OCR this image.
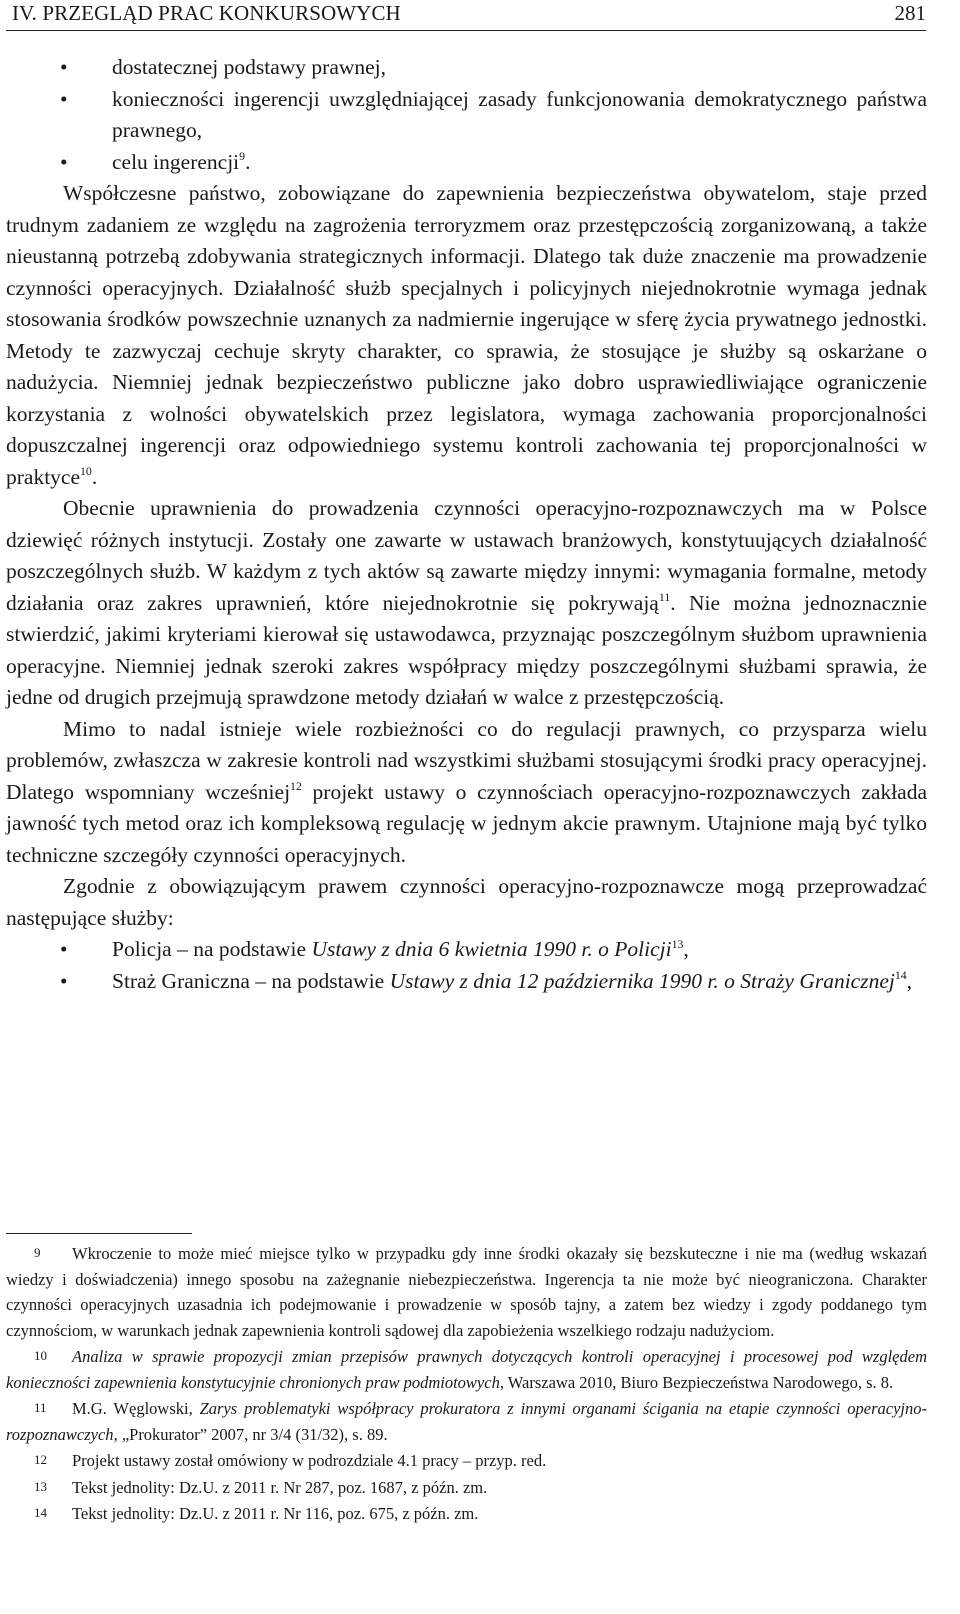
IV. PRZEGLĄD PRAC KONKURSOWYCH	281
• dostatecznej podstawy prawnej,
• konieczności ingerencji uwzględniającej zasady funkcjonowania demokratycznego państwa prawnego,
• celu ingerencji$^9$.

Współczesne państwo, zobowiązane do zapewnienia bezpieczeństwa obywatelom, staje przed trudnym zadaniem ze względu na zagrożenia terroryzmem oraz przestępczością zorganizowaną, a także nieustanną potrzebą zdobywania strategicznych informacji. Dlatego tak duże znaczenie ma prowadzenie czynności operacyjnych. Działalność służb specjalnych i policyjnych niejednokrotnie wymaga jednak stosowania środków powszechnie uznanych za nadmiernie ingerujące w sferę życia prywatnego jednostki. Metody te zazwyczaj cechuje skryty charakter, co sprawia, że stosujące je służby są oskarżane o nadużycia. Niemniej jednak bezpieczeństwo publiczne jako dobro usprawiedliwiające ograniczenie korzystania z wolności obywatelskich przez legislatora, wymaga zachowania proporcjonalności dopuszczalnej ingerencji oraz odpowiedniego systemu kontroli zachowania tej proporcjonalności w praktyce$^{10}$.

Obecnie uprawnienia do prowadzenia czynności operacyjno-rozpoznawczych ma w Polsce dziewięć różnych instytucji. Zostały one zawarte w ustawach branżowych, konstytuujących działalność poszczególnych służb. W każdym z tych aktów są zawarte między innymi: wymagania formalne, metody działania oraz zakres uprawnień, które niejednokrotnie się pokrywają$^{11}$. Nie można jednoznacznie stwierdzić, jakimi kryteriami kierował się ustawodawca, przyznając poszczególnym służbom uprawnienia operacyjne. Niemniej jednak szeroki zakres współpracy między poszczególnymi służbami sprawia, że jedne od drugich przejmują sprawdzone metody działań w walce z przestępczością.

Mimo to nadal istnieje wiele rozbieżności co do regulacji prawnych, co przysparza wielu problemów, zwłaszcza w zakresie kontroli nad wszystkimi służbami stosującymi środki pracy operacyjnej. Dlatego wspomniany wcześniej$^{12}$ projekt ustawy o czynnościach operacyjno-rozpoznawczych zakłada jawność tych metod oraz ich kompleksową regulację w jednym akcie prawnym. Utajnione mają być tylko techniczne szczegóły czynności operacyjnych.

Zgodnie z obowiązującym prawem czynności operacyjno-rozpoznawcze mogą przeprowadzać następujące służby:

• Policja – na podstawie Ustawy z dnia 6 kwietnia 1990 r. o Policji$^{13}$,
• Straż Graniczna – na podstawie Ustawy z dnia 12 października 1990 r. o Straży Granicznej$^{14}$,

9 Wkroczenie to może mieć miejsce tylko w przypadku gdy inne środki okazały się bezskuteczne i nie ma (według wskazań wiedzy i doświadczenia) innego sposobu na zażegnanie niebezpieczeństwa. Ingerencja ta nie może być nieograniczona. Charakter czynności operacyjnych uzasadnia ich podejmowanie i prowadzenie w sposób tajny, a zatem bez wiedzy i zgody poddanego tym czynnościom, w warunkach jednak zapewnienia kontroli sądowej dla zapobieżenia wszelkiego rodzaju nadużyciom.

10 Analiza w sprawie propozycji zmian przepisów prawnych dotyczących kontroli operacyjnej i procesowej pod względem konieczności zapewnienia konstytucyjnie chronionych praw podmiotowych, Warszawa 2010, Biuro Bezpieczeństwa Narodowego, s. 8.

11 M.G. Węglowski, Zarys problematyki współpracy prokuratora z innymi organami ścigania na etapie czynności operacyjno-rozpoznawczych, „Prokurator” 2007, nr 3/4 (31/32), s. 89.

12 Projekt ustawy został omówiony w podrozdziale 4.1 pracy – przyp. red.

13 Tekst jednolity: Dz.U. z 2011 r. Nr 287, poz. 1687, z późn. zm.

14 Tekst jednolity: Dz.U. z 2011 r. Nr 116, poz. 675, z późn. zm.
